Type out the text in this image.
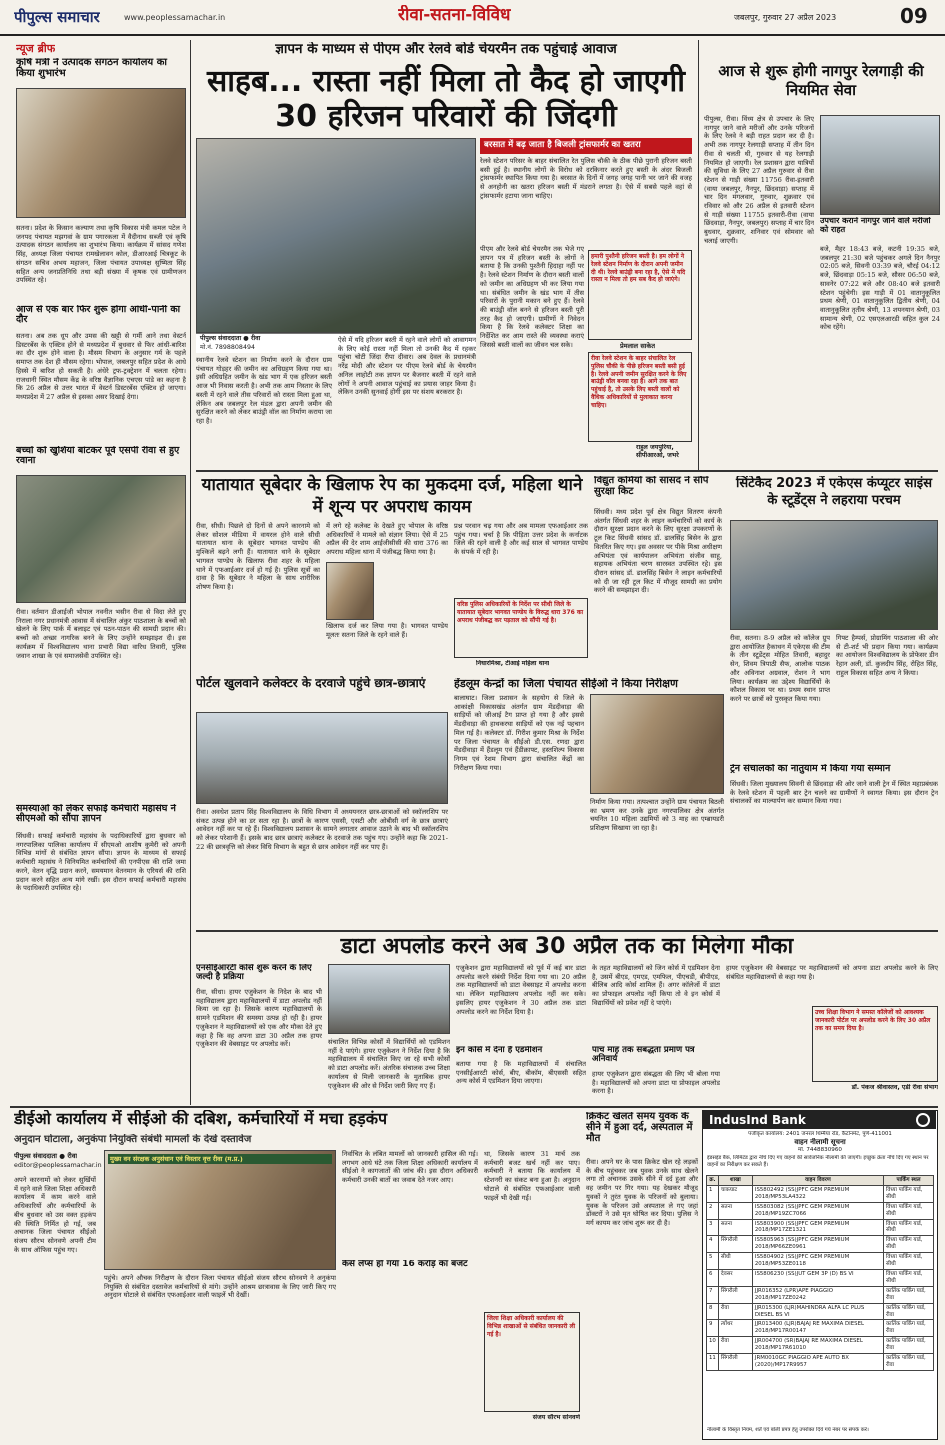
पीपुल्स समाचार	www.peoplessamachar.in	रीवा-सतना-विविध	जबलपुर, गुरुवार 27 अप्रैल 2023	09
न्यूज ब्रीफ
कृषि मंत्री ने उत्पादक संगठन कार्यालय का किया शुभारंभ
सतना। प्रदेश के किसान कल्याण तथा कृषि विकास मंत्री कमल पटेल ने जनपद पंचायत मझगवां के ग्राम पगारकला में वैदीनाथ सब्जी एवं कृषि उत्पादक संगठन कार्यालय का शुभारंभ किया। कार्यक्रम में सांसद गणेश सिंह, अध्यक्ष जिला पंचायत रामखेलावन कोल, डीआरआई चित्रकूट के संगठन सचिव अभय महाजन, जिला पंचायत उपाध्यक्ष सुष्मिता सिंह सहित अन्य जनप्रतिनिधि तथा बड़ी संख्या में कृषक एवं ग्रामीणजन उपस्थित रहे।
आज से एक बार फिर शुरू होगा आंधी-पानी का दौर
सतना। अब तक धूप और उमस की खट्टी से गर्मी आने तथा वेस्टर्न डिस्टरबेंस के एक्टिव होने से मध्यप्रदेश में बुधवार से फिर आंधी-बारिश का दौर शुरू होने वाला है। मौसम विभाग के अनुसार गर्म के पहले समाप्त तक देश ही मौसम रहेगा। भोपाल, जबलपुर सहित प्रदेश के आधे हिस्से में बारिश हो सकती है। अंधेरे ट्रफ-ट्रक्ट्रेशन में चलता रहेगा। राजधानी स्थित मौसम केंद्र के वरिष्ठ वैज्ञानिक एचएस पांडे का कहना है कि 26 अप्रैल से उत्तर भारत में वेस्टर्न डिस्टरबेंस एक्टिव हो जाएगा। मध्यप्रदेश में 27 अप्रैल से इसका असर दिखाई देगा।
बच्चों को खुशियां बांटकर पूर्व एसपी रीवा से हुए रवाना
रीवा। वर्तमान डीआईजी भोपाल नवनीत भसीन रीवा से विदा लेते हुए निराला नगर प्रधानमंत्री आवास में संचालित अंकुर पाठशाला के बच्चों को खेलने के लिए पार्क में बलाइट एवं पठन-पाठन की सामग्री प्रदान की। बच्चों को अच्छा नागरिक बनने के लिए उन्होंने समझाइश दी। इस कार्यक्रम में विश्वविद्यालय थाना प्रभारी विद्या वारिध तिवारी, पुलिस जवान शाखा के एवं समाजसेवी उपस्थित रहे।
समस्याओं को लेकर सफाई कर्मचारी महासंघ ने सीएमओ को सौंपा ज्ञापन
सिंधवी। सफाई कर्मचारी महासंघ के पदाधिकारियों द्वारा बुधवार को नगरपालिका पालिका कार्यालय में सीएमओ आशीष कुमेरी को अपनी विभिन्न मांगों से संबंधित ज्ञापन सौंपा। ज्ञापन के माध्यम से सफाई कर्मचारी महासंघ ने विनियमित कर्मचारियों की एनपीएस की राशि जमा करने, वेतन वृद्धि प्रदान करने, समयमान वेतनमान के एरियर्स की राशि प्रदान करने सहित अन्य मांगे रखीं। इस दौरान सफाई कर्मचारी महासंघ के पदाधिकारी उपस्थित रहे।
ज्ञापन के माध्यम से पीएम और रेलवे बोर्ड चेयरमैन तक पहुंचाई आवाज
साहब... रास्ता नहीं मिला तो कैद हो जाएगी 30 हरिजन परिवारों की जिंदगी
पीपुल्स संवाददाता ● रीवा
मो.नं. 7898808494
स्थानीय रेलवे स्टेशन का निर्माण करने के दौरान ग्राम पंचायत गोड़हर की जमीन का अधिग्रहण किया गया था। इसी अधिग्रहित जमीन के खंड भाग में एक हरिजन बस्ती आज भी निवास करती है। अभी तक आम निस्तार के लिए बस्ती में रहने वाले तीस परिवारों को रास्ता मिला हुआ था, लेकिन अब जबलपुर रेल मंडल द्वारा अपनी जमीन की सुरक्षित करने को लेकर बाउंड्री वॉल का निर्माण कराया जा रहा है।
ऐसे में यदि हरिजन बस्ती में रहने वाले लोगों को आवागमन के लिए कोई रास्ता नहीं मिला तो उनकी कैद में रहकर पहुंचा चोटी जिंदा रीपा दीवार। अब देवल के प्रधानमंत्री नरेंद्र मोदी और स्टेशन पर पीएम रेलवे बोर्ड के चेयरमैन अनिल लाहोटी तक ज्ञापन पर बैजनार बस्ती में रहने वाले लोगों ने अपनी आवाज पहुंचाई का प्रयास जाहर किया है। लेकिन उनकी सुनवाई होगी इस पर संशय बरकरार है।
बरसात में बढ़ जाता है बिजली ट्रांसफार्मर का खतरा
रेलवे स्टेशन परिसर के बाहर संचालित रेत पुलिस चौकी के ठीक पीछे पुरानी हरिजन बस्ती बसी हुई है। स्थानीय लोगों के विरोध को दरकिनार करते हुए बस्ती के अंदर बिजली ट्रांसफार्मर स्थापित किया गया है। बरसात के दिनों में जगह जगह पानी भर जाने की वजह से अनहोनी का खतरा हरिजन बस्ती में मंडराने लगता है। ऐसे में सबसे पहले वहां से ट्रांसफार्मर हटाया जाना चाहिए।
पीएम और रेलवे बोर्ड चेयरमैन तक भेजे गए ज्ञापन पत्र में हरिजन बस्ती के लोगों ने बताया है कि उनकी पुश्तैनी हिदाहा नहीं पर है। रेलवे स्टेशन निर्माण के दौरान बस्ती वालों को जमीन का अधिग्रहण भी कर लिया गया था। संबंधित जमीन के खंड भाग में तीस परिवारों के पुरानी मकान बने हुए हैं। रेलवे की बाउंड्री वॉल बनने से हरिजन बस्ती पूरी तरह कैद हो जाएगी। ग्रामीणों ने निवेदन किया है कि रेलवे कलेक्टर शिक्षा का निर्देशित कर आम रास्ते की व्यवस्था कराएं जिससे बस्ती वालों का जीवन चल सके।
हमारी पुश्तैनी हरिजन बस्ती है। हम लोगों ने रेलवे स्टेशन निर्माण के दौरान अपनी जमीन दी थी। रेलवे बाउंड्री बना रहा है, ऐसे में यदि रास्ता न मिला तो हम सब कैद हो जाएंगे।
प्रेमलाल साकेत
रीवा रेलवे स्टेशन के बाहर संचालित रेल पुलिस चौकी के पीछे हरिजन बस्ती बसी हुई है। रेलवे अपनी जमीन सुरक्षित करने के लिए बाउंड्री वॉल बनवा रहा है। आगे तक बात पहुंचाई है, तो उसके लिए बस्ती वालों को वैधिक अधिकारियों से मुलाकात करना चाहिए।
राहुल जयपुरिया,
सीपीआरओ, जभरे
आज से शुरू होगी नागपुर रेलगाड़ी की नियमित सेवा
पीपुल्स, रीवा। विंध्य क्षेत्र से उपचार के लिए नागपुर जाने वाले मरीजों और उनके परिजनों के लिए रेलवे ने बड़ी राहत प्रदान कर दी है। अभी तक नागपुर रेलगाड़ी सप्ताह में तीन दिन रीवा से चलती थी, गुरुवार से यह रेलगाड़ी नियमित हो जाएगी। रेल प्रशासन द्वारा यात्रियों की सुविधा के लिए 27 अप्रैल गुरुवार से रीवा स्टेशन से गाड़ी संख्या 11756 रीवा-इतवारी (वाया जबलपुर, नैनपुर, छिंदवाड़ा) सप्ताह में चार दिन मंगलवार, गुरुवार, शुक्रवार एवं रविवार को और 26 अप्रैल से इतवारी स्टेशन से गाड़ी संख्या 11755 इतवारी-रीवा (वाया छिंदवाड़ा, नैनपुर, जबलपुर) सप्ताह में चार दिन बुधवार, शुक्रवार, शनिवार एवं सोमवार को चलाई जाएगी।
उपचार कराने नागपुर जाने वाले मरीजों को राहत
बजे, मैहर 18:43 बजे, कटनी 19:35 बजे, जबलपुर 21:30 बजे पहुंचकर अगले दिन नैनपुर 02:05 बजे, सिवनी 03:39 बजे, चौरई 04:12 बजे, छिंदवाड़ा 05:15 बजे, सौसर 06:50 बजे, सावनेर 07:22 बजे और 08:40 बजे इतवारी स्टेशन पहुंचेगी। इस गाड़ी में 01 वातानुकूलित प्रथम श्रेणी, 01 वातानुकूलित द्वितीय श्रेणी, 04 वातानुकूलित तृतीय श्रेणी, 13 शयनयान श्रेणी, 03 सामान्य श्रेणी, 02 एसएलआरडी सहित कुल 24 कोच रहेंगे।
यातायात सूबेदार के खिलाफ रेप का मुकदमा दर्ज, महिला थाने में शून्य पर अपराध कायम
रीवा, सीधी। पिछले दो दिनों से अपने कारनामे को लेकर सोशल मीडिया में वायरल होने वाले सीधी यातायात थाना के सूबेदार भागवत पाण्डेय की मुश्किलें बढ़ने लगी हैं। यातायात थाने के सूबेदार भागवत पाण्डेय के खिलाफ रीवा शहर के महिला थाने में एफआईआर दर्ज हो गई है। पुलिस सूत्रों का दावा है कि सूबेदार ने महिला के साथ शारीरिक शोषण किया है।
में लगे रहे कलेक्ट के देखते हुए भोपाल के वरिष्ठ अधिकारियों ने मामले को संज्ञान लिया। ऐसे में 25 अप्रैल की देर शाम आईजीसीसी की धारा 376 का अपराध महिला थाना में पंजीबद्ध किया गया है।
खिलाफ दर्ज कर लिया गया है। भागवत पाण्डेय मूलतः सतना जिले के रहने वाले हैं।
प्रश्न परवान चढ़ गया और अब मामला एफआईआर तक पहुंच गया। चर्चा है कि पीड़िता उत्तर प्रदेश के कर्नाटक जिले की रहने वाली है और कई साल से भागवत पाण्डेय के संपर्क में रही है।
वरिष्ठ पुलिस अधिकारियों के निर्देश पर सीधी जिले के यातायात सूबेदार भागवत पाण्डेय के विरुद्ध धारा 376 का अपराध पंजीबद्ध कर पड़ताल को सौंपी गई है।
निधारमिश्रा, टीआई महिला थाना
विद्युत कर्मियों को सांसद ने सौंपे सुरक्षा किट
सिंधवी। मध्य प्रदेश पूर्व क्षेत्र विद्युत वितरण कंपनी अंतर्गत सिंधवी शहर के लाइन कर्मचारियों को कार्य के दौरान सुरक्षा प्रदान करने के लिए सुरक्षा उपकरणों के टूल किट सिंधवी सांसद डॉ. ढालसिंह बिसेन के द्वारा वितरित किए गए। इस अवसर पर पीके मिश्रा अधीक्षण अभियंता एवं कार्यपालन अभियंता संजीव साहू, सहायक अभियंता चरण सारस्वत उपस्थित रहे। इस दौरान सांसद डॉ. ढालसिंह बिसेन ने लाइन कर्मचारियों को दी जा रही टूल किट में मौजूद सामग्री का प्रयोग करने की समझाइश दी।
सिंटेकैद 2023 में एकेएस कंप्यूटर साइंस के स्टूडेंट्स ने लहराया परचम
रीवा, सतना। 8-9 अप्रैल को कॉलेज ग्रुप द्वारा आयोजित हैकाथन में एकेएस की टीम के तीन स्टूडेंट्स मोहित तिवारी, बहादुर सेन, शिवम त्रिपाठी सैफ, आलोक पाठक और अविनाश अग्रवाल, रोशन ने भाग लिया। कार्यक्रम का उद्देश्य विद्यार्थियों के कौशल विकास पर था। प्रथम स्थान प्राप्त करने पर छात्रों को पुरस्कृत किया गया।
गिफ्ट हैम्पर्स, प्रोग्रामिंग पाठशाला की ओर से टी-शर्ट भी प्रदान किया गया। कार्यक्रम का आयोजन विश्वविद्यालय के प्रोफेसर डीन रेहान अली, डॉ. कुलदीप सिंह, रोहित सिंह, राहुल विकास सहित अन्य ने किया।
पोर्टल खुलवाने कलेक्टर के दरवाजे पहुंचे छात्र-छात्राएं
रीवा। अवधेश प्रताप सिंह विश्वविद्यालय के विधि विभाग में अध्ययनरत छात्र-छात्राओं को स्कॉलरशिप पर संकट उत्पन्न होने का डर सता रहा है। छात्रों के कारण एससी, एसटी और ओबीसी वर्ग के छात्र छात्राएं आवेदन नहीं कर पा रहे हैं। विश्वविद्यालय प्रशासन के सामने लगातार आवाज उठाने के बाद भी स्कॉलरशिप को लेकर परेशानी हैं। इसके बाद छात्र छात्राएं कलेक्टर के दरवाजे तक पहुंच गए। उन्होंने कहा कि 2021-22 की छात्रवृत्ति को लेकर विधि विभाग के बहुत से छात्र आवेदन नहीं कर पाए हैं।
हेंडलूम केन्द्रों का जिला पंचायत सीईओ ने किया निरीक्षण
बालाघाट। जिला प्रशासन के सहयोग से जिले के आकांक्षी विकासखंड अंतर्गत ग्राम मेंडदीवाड़ा की साड़ियों को जीआई टैग प्राप्त हो गया है और इससे मेंडदीवाड़ा की हाथकरघा साड़ियों को एक नई पहचान मिल गई है। कलेक्टर डॉ. गिरीश कुमार मिश्रा के निर्देश पर जिला पंचायत के सीईओ डी.एस. रणदा द्वारा मेंडदीवाड़ा में हैंडलूम एवं हैंडीक्राफ्ट, हस्तशिल्प विकास निगम एवं रेशम विभाग द्वारा संचालित केंद्रों का निरीक्षण किया गया।
निर्माण किया गया। तत्पश्चात उन्होंने ग्राम पंचायत बिठली का भ्रमण कर उनके द्वारा नगरपालिका क्षेत्र अंतर्गत चयनित 10 महिला उद्यमियों को 3 माह का एम्ब्रायडरी प्रशिक्षण सिखाया जा रहा है।
ट्रेन संचालकों का नातुयाम में किया गया सम्मान
सिंधवी। जिला मुख्यालय सिवनी से छिंदवाड़ा की ओर जाने वाली ट्रेन में स्थित महाप्रबंधक के रेलवे स्टेशन में पहली बार ट्रेन चलने का ग्रामीणों ने स्वागत किया। इस दौरान ट्रेन संचालकों का माल्यार्पण कर सम्मान किया गया।
डाटा अपलोड करने अब 30 अप्रैल तक का मिलेगा मौका
एनसीईआरटी कोर्स शुरू करने के लिए जल्दी है प्रक्रिया
रीवा, सीधा। हायर एजुकेशन के निदेश के बाद भी महाविद्यालय द्वारा महाविद्यालयों में डाटा अपलोड नहीं किया जा रहा है। जिसके कारण महाविद्यालयों के सामने एडमिशन की समस्या उत्पन्न हो रही है। हायर एजुकेशन ने महाविद्यालयों को एक और मौका देते हुए कहा है कि वह अपना डाटा 30 अप्रैल तक हायर एजुकेशन की वेबसाइट पर अपलोड करें।	संचालित विभिन्न कोर्सों में विद्यार्थियों को एडमिशन नहीं दे पाएंगे। हायर एजुकेशन ने निर्देश दिया है कि महाविद्यालय में संचालित किए जा रहे सभी कोर्सों को डाटा अपलोड करें। अंतरिक संचालक उच्च शिक्षा कार्यालय से मिली जानकारी के मुताबिक हायर एजुकेशन की ओर से निर्देश जारी किए गए हैं।
एजुकेशन द्वारा महाविद्यालयों को पूर्व में कई बार डाटा अपलोड करने संबंधी निर्देश दिया गया था। 20 अप्रैल तक महाविद्यालयों को डाटा वेबसाइट में अपलोड करना था। लेकिन महाविद्यालय अपलोड नहीं कर सके। इसलिए हायर एजुकेशन ने 30 अप्रैल तक डाटा अपलोड करने का निर्देश दिया है।
इन कोर्स में देना है एडमीशन
बताया गया है कि महाविद्यालयों में संचालित एनसीईआरटी कोर्स, बीए, बीकॉम, बीएससी सहित अन्य कोर्स में एडमिशन दिया जाएगा।
के तहत महाविद्यालयों को जिन कोर्स में एडमिशन देना है, उसमें बीएड, एमएड, एमफिल, पीएचडी, बीपीएड, बीलिब आदि कोर्स शामिल हैं। अगर कॉलेजों में डाटा का प्रोफाइल अपलोड नहीं किया तो वे इन कोर्स में विद्यार्थियों को प्रवेश नहीं दे पाएंगे।
पांच माह तक संबद्धता प्रमाण पत्र अनिवार्य
हायर एजुकेशन द्वारा संबद्धता की लिए भी बोला गया है। महाविद्यालयों को अपना डाटा या प्रोफाइल अपलोड करना है।
हायर एजुकेशन की वेबसाइट पर महाविद्यालयों को अपना डाटा अपलोड करने के लिए संबंधित महाविद्यालयों से कहा गया है।
उच्च शिक्षा विभाग ने समस्त कॉलेजों को आवश्यक जानकारी पोर्टल पर अपलोड करने के लिए 30 अप्रैल तक का समय दिया है।
डॉ. पंकज श्रीवास्तव, एडी रीवा संभाग
डीईओ कार्यालय में सीईओ की दबिश, कर्मचारियों में मचा हड़कंप
अनुदान घोटाला, अनुकंपा नियुक्ति संबंधी मामलों के देखे दस्तावेज
पीपुल्स संवाददाता ● रीवा
editor@peoplessamachar.in
अपने कारनामों को लेकर सुर्खियों में रहने वाले जिला शिक्षा अधिकारी कार्यालय में काम करने वाले अधिकारियों और कर्मचारियों के बीच बुधवार को उस वक्त हड़कंप की स्थिति निर्मित हो गई, जब अचानक जिला पंचायत सीईओ संजय सौरभ सोनवणे अपनी टीम के साथ ऑफिस पहुंच गए।
मुख्य वन संरक्षक अनुसंधान एवं विस्तार वृत्त रीवा (म.प्र.)
पहुंचे। अपने औचक निरीक्षण के दौरान जिला पंचायत सीईओ संजय सौरभ सोनवणे ने अनुकंपा नियुक्ति से संबंधित दस्तावेज कर्मचारियों से मांगे। उन्होंने आश्रम छात्रावास के लिए जारी किए गए अनुदान घोटाले से संबंधित एफआईआर वाली फाइलें भी देखीं।
निर्वाचित के लंबित मामलों को जानकारी हासिल की गई। लगभग आधे घंटे तक जिला शिक्षा अधिकारी कार्यालय में सीईओ ने कागजातों की जांच की। इस दौरान अधिकारी कर्मचारी उनकी बातों का जवाब देते नजर आए।
था, जिसके कारण 31 मार्च तक कर्मचारी बजट खर्च नहीं कर पाए। कर्मचारी ने बताया कि कार्यालय में स्टेशनरी का संकट बना हुआ है। अनुदान घोटाले से संबंधित एफआईआर वाली फाइलें भी देखी गईं।
कैसे लैप्स हो गया 16 करोड़ का बजट
जिला शिक्षा अधिकारी कार्यालय की विभिन्न शाखाओं से संबंधित जानकारी ली गई है।
संजय सौरभ सोनवणे
क्रिकेट खेलते समय युवक के सीने में हुआ दर्द, अस्पताल में मौत
रीवा। अपने घर के पास क्रिकेट खेल रहे लड़कों के बीच पहुंचकर जब युवक उनके साथ खेलने लगा तो अचानक उसके सीने में दर्द हुआ और वह जमीन पर गिर गया। यह देखकर मौजूद युवकों ने तुरंत युवक के परिजनों को बुलाया। युवक के परिजन उसे अस्पताल ले गए जहां डॉक्टरों ने उसे मृत घोषित कर दिया। पुलिस ने मर्ग कायम कर जांच शुरू कर दी है।
IndusInd Bank
पंजीकृत कार्यालय: 2401 जनरल थिम्मैया रोड, कैंटोनमेंट, पुणे-411001
वाहन नीलामी सूचना
मो. 7448830960
इंडसइंड बैंक, लिमिटेड द्वारा नीचे दिए गए वाहनों की सार्वजनिक नीलामी की जाएगी। इच्छुक क्रेता नीचे दिए गए स्थान पर वाहनों का निरीक्षण कर सकते हैं।
क्र.	शाखा	वाहन विवरण	पार्किंग स्थल
1	चाकघाट	IS5802492 (SS)JPFC GEM PREMIUM 2018/MP53LA4322	विंध्या पार्किंग यार्ड, सीधी
2	सतना	IS5803082 (SS)JPFC GEM PREMIUM 2018/MP19ZC7066	विंध्या पार्किंग यार्ड, सीधी
3	सतना	IS5803900 (SS)JPFC GEM PREMIUM 2018/MP17ZE1321	विंध्या पार्किंग यार्ड, सीधी
4	सिंगरौली	IS5805963 (SS)JPFC GEM PREMIUM 2018/MP66ZE0961	विंध्या पार्किंग यार्ड, सीधी
5	सीधी	IS5804902 (SS)JPFC GEM PREMIUM 2018/MP53ZE0118	विंध्या पार्किंग यार्ड, सीधी
6	देवसर	IS5806230 (SS)JUT GEM 3P (D) BS VI	विंध्या पार्किंग यार्ड, सीधी
7	सिंगरौली	JJR016352 (LPR)APE PIAGGIO 2018/MP17ZE0242	कार्तिक पार्किंग यार्ड, रीवा
8	रीवा	JJR015300 (LJR)MAHINDRA ALFA LC PLUS DIESEL BS VI	कार्तिक पार्किंग यार्ड, रीवा
9	त्योंथर	JJR013400 (LJR)BAJAJ RE MAXIMA DIESEL 2018/MP17R00147	कार्तिक पार्किंग यार्ड, रीवा
10	रीवा	JJR004700 (SR)BAJAJ RE MAXIMA DIESEL 2018/MP17R61010	कार्तिक पार्किंग यार्ड, रीवा
11	सिंगरौली	JRM0010GC PIAGGIO APE AUTO BX (2020)/MP17R9957	कार्तिक पार्किंग यार्ड, रीवा
नीलामी के विस्तृत नियम, शर्तें एवं बोली प्रपत्र हेतु उपरोक्त दिये गये नंबर पर संपर्क करें।
